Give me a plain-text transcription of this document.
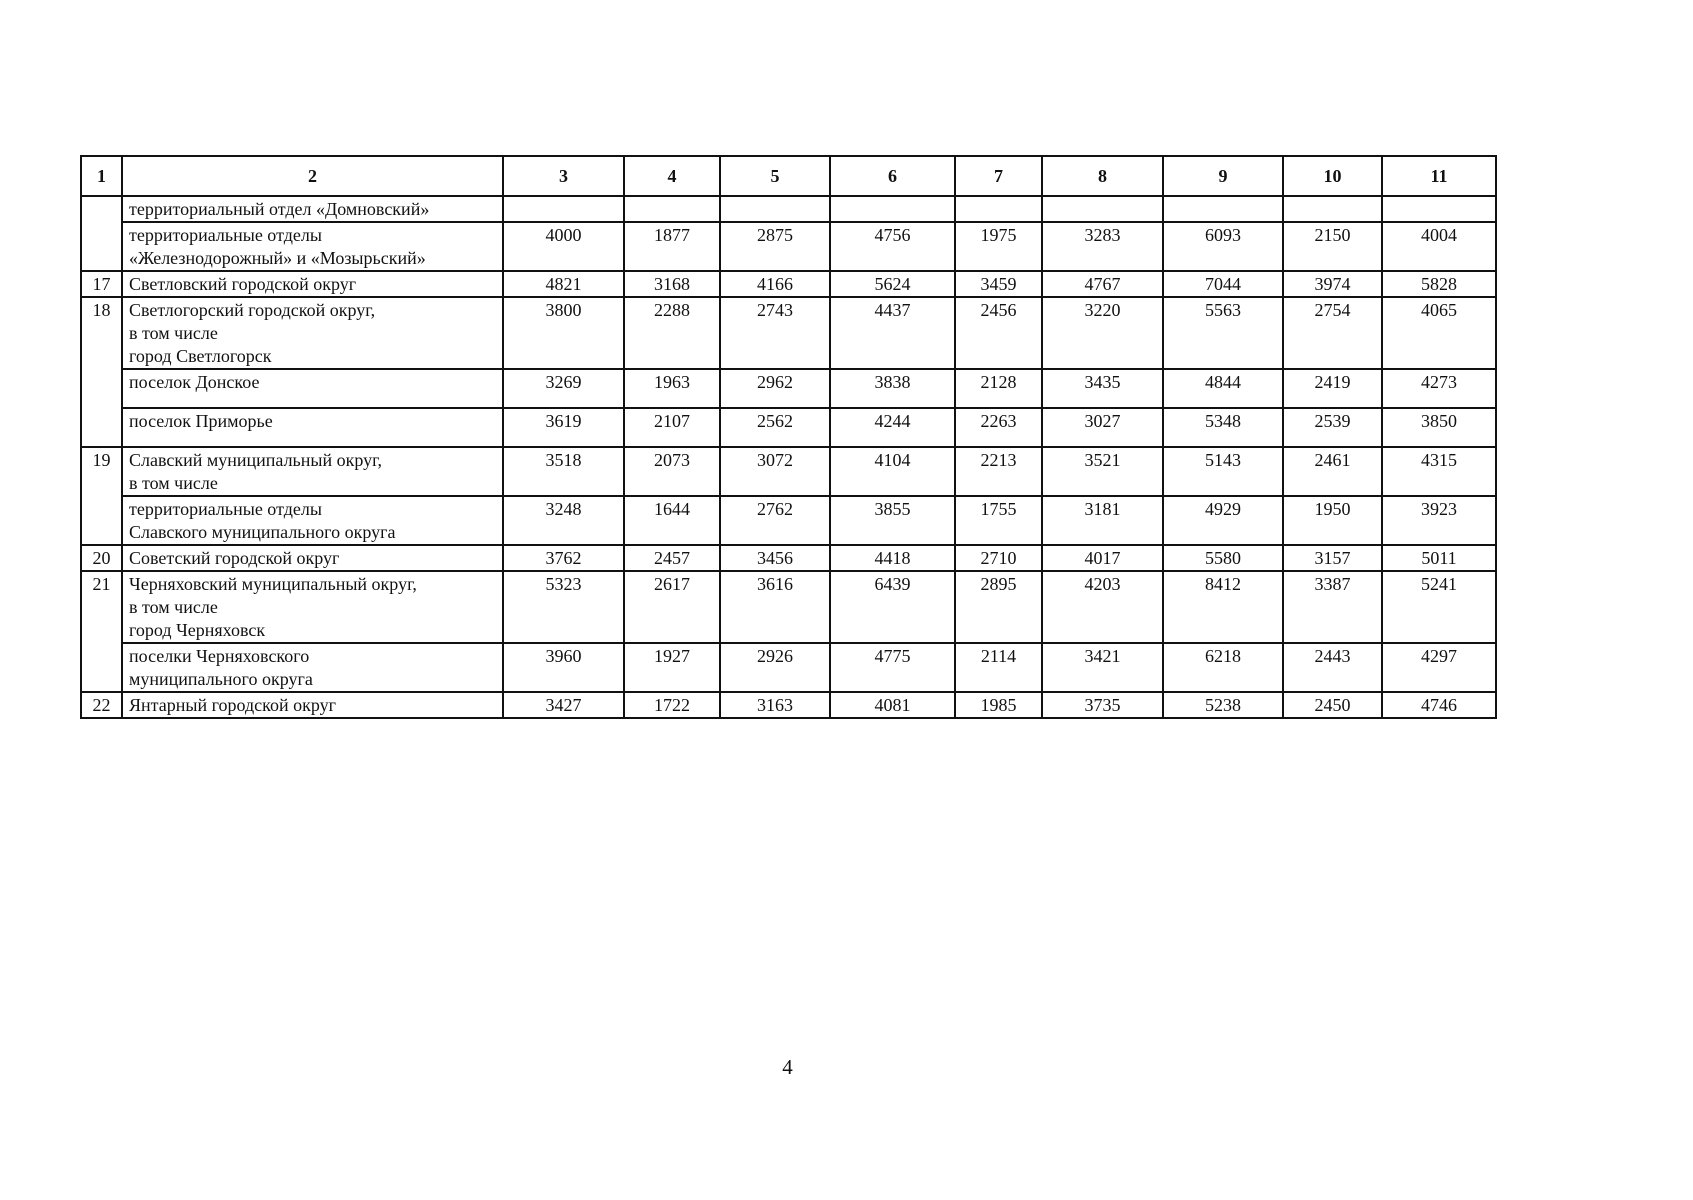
1	2	3	4	5	6	7	8	9	10	11
	территориальный отдел «Домновский»									
	территориальные отделы
«Железнодорожный» и «Мозырьский»	4000	1877	2875	4756	1975	3283	6093	2150	4004
17	Светловский городской округ	4821	3168	4166	5624	3459	4767	7044	3974	5828
18	Светлогорский городской округ,
в том числе
город Светлогорск	3800	2288	2743	4437	2456	3220	5563	2754	4065
	поселок Донское	3269	1963	2962	3838	2128	3435	4844	2419	4273
	поселок Приморье	3619	2107	2562	4244	2263	3027	5348	2539	3850
19	Славский муниципальный округ,
в том числе	3518	2073	3072	4104	2213	3521	5143	2461	4315
	территориальные отделы
Славского муниципального округа	3248	1644	2762	3855	1755	3181	4929	1950	3923
20	Советский городской округ	3762	2457	3456	4418	2710	4017	5580	3157	5011
21	Черняховский муниципальный округ,
в том числе
город Черняховск	5323	2617	3616	6439	2895	4203	8412	3387	5241
	поселки Черняховского
муниципального округа	3960	1927	2926	4775	2114	3421	6218	2443	4297
22	Янтарный городской округ	3427	1722	3163	4081	1985	3735	5238	2450	4746
4
